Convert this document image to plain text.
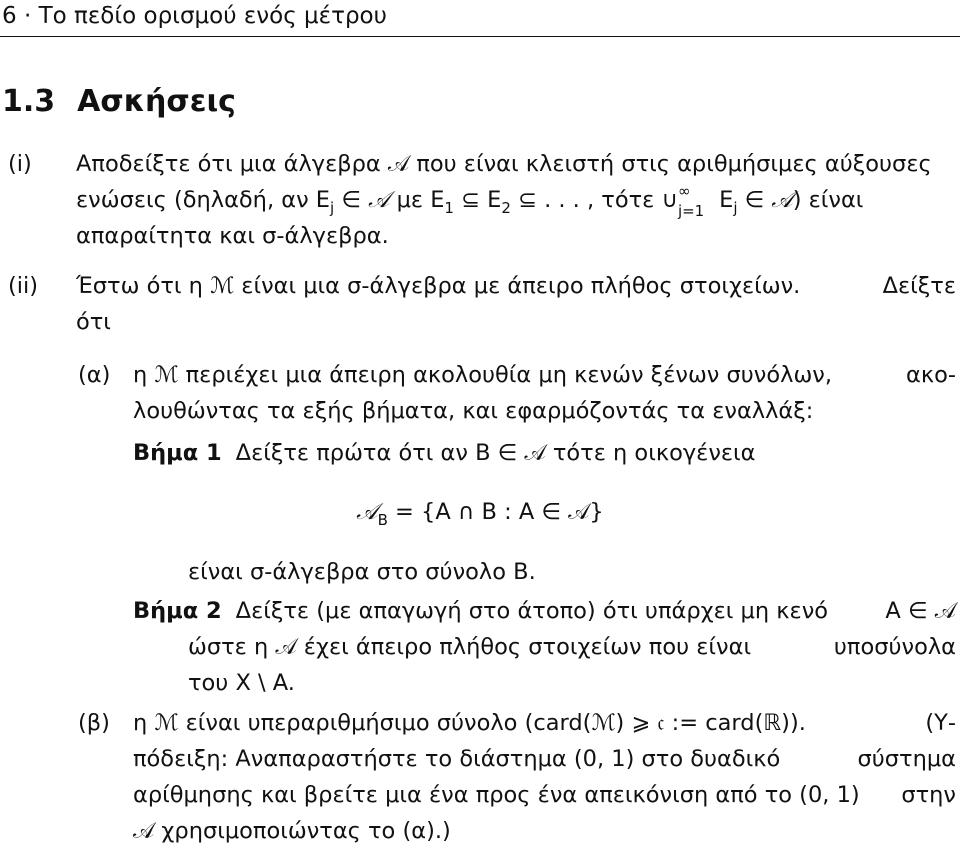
6 · Το πεδίο ορισμού ενός μέτρου
1.3 Ασκήσεις
(i) Αποδείξτε ότι μια άλγεβρα 𝒜 που είναι κλειστή στις αριθμήσιμες αύξουσες
ενώσεις (δηλαδή, αν $E_j$ ∈ 𝒜 με $E_1$ ⊆ $E_2$ ⊆ . . . , τότε ∪ ∞
j=1 $E_j$ ∈ 𝒜) είναι
απαραίτητα και σ-άλγεβρα.
(ii) Έστω ότι η ℳ είναι μια σ-άλγεβρα με άπειρο πλήθος στοιχείων.	Δείξτε
ότι
(α) η ℳ περιέχει μια άπειρη ακολουθία μη κενών ξένων συνόλων,	ακο-
λουθώντας τα εξής βήματα, και εφαρμόζοντάς τα εναλλάξ:
Βήμα 1 Δείξτε πρώτα ότι αν B ∈ 𝒜 τότε η οικογένεια
𝒜$_B$ = {A ∩ B : A ∈ 𝒜}
είναι σ-άλγεβρα στο σύνολο B.
Βήμα 2 Δείξτε (με απαγωγή στο άτοπο) ότι υπάρχει μη κενό	A ∈ 𝒜
ώστε η 𝒜 έχει άπειρο πλήθος στοιχείων που είναι	υποσύνολα
του X \ A.
(β) η ℳ είναι υπεραριθμήσιμο σύνολο (card(ℳ) ⩾ 𝔠 := card(ℝ)).	(Υ-
πόδειξη: Αναπαραστήστε το διάστημα (0, 1) στο δυαδικό	σύστημα
αρίθμησης και βρείτε μια ένα προς ένα απεικόνιση από το (0, 1) στην
𝒜 χρησιμοποιώντας το (α).)
